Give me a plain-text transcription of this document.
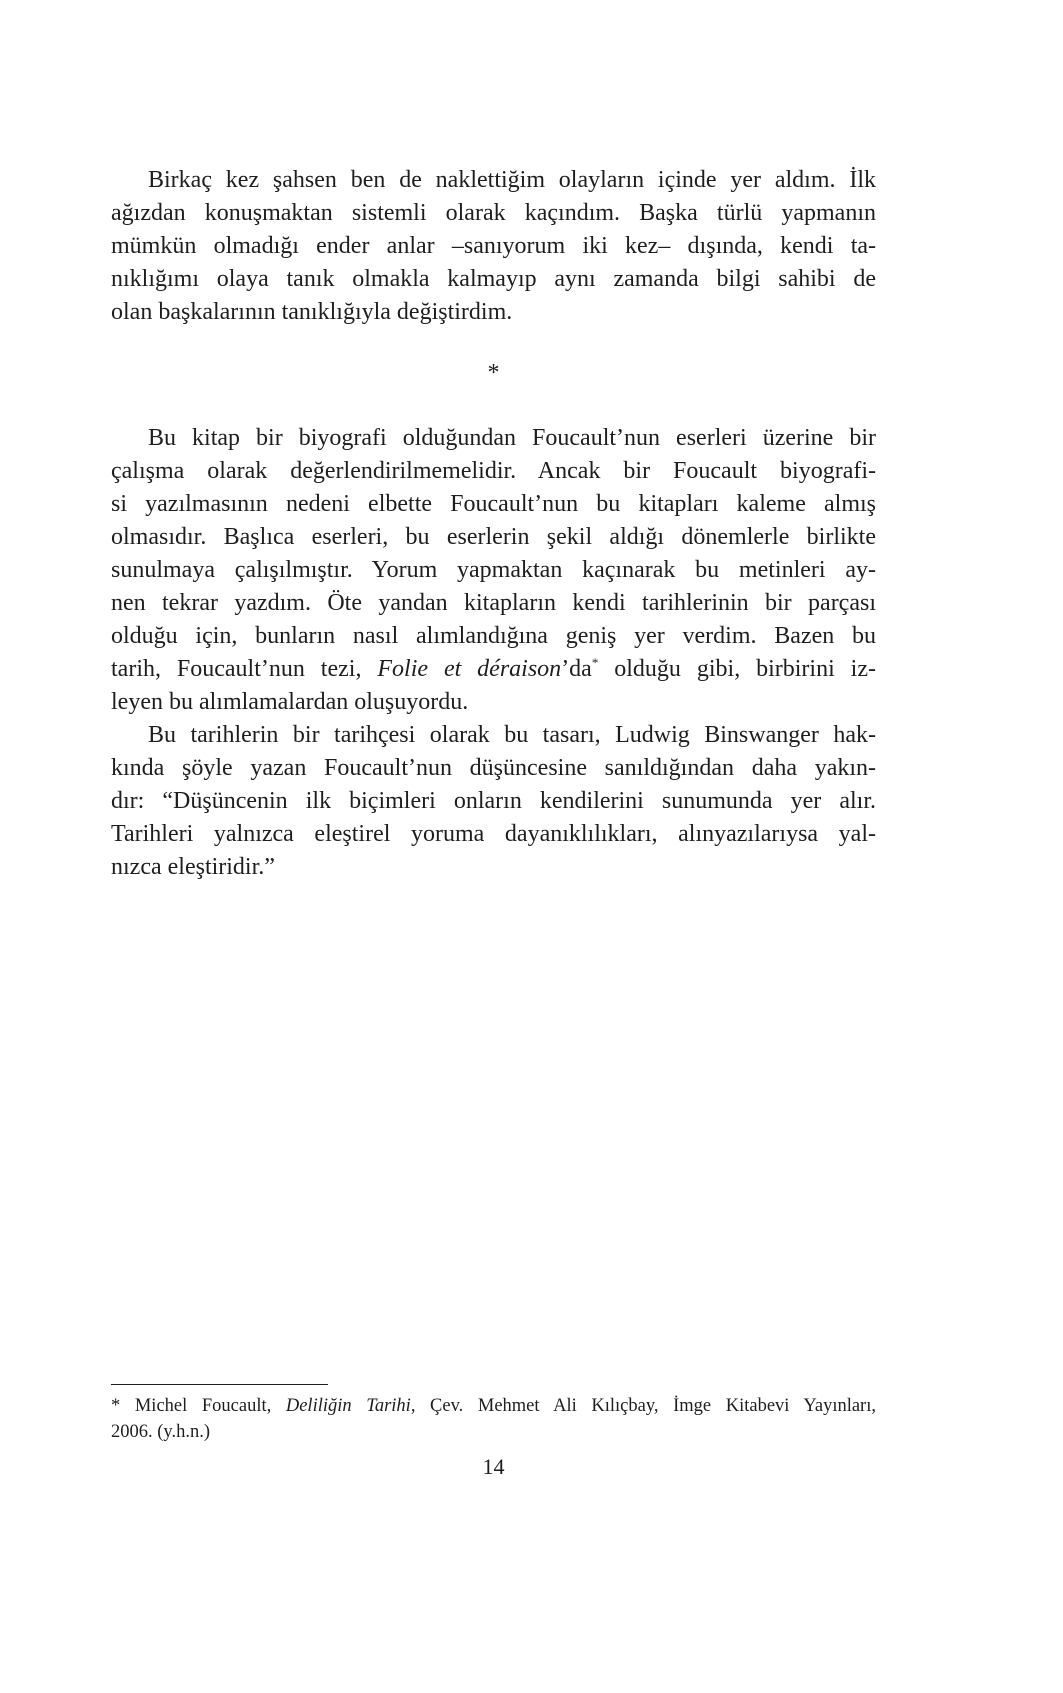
Birkaç kez şahsen ben de naklettiğim olayların içinde yer aldım. İlk
ağızdan konuşmaktan sistemli olarak kaçındım. Başka türlü yapmanın
mümkün olmadığı ender anlar –sanıyorum iki kez– dışında, kendi ta-
nıklığımı olaya tanık olmakla kalmayıp aynı zamanda bilgi sahibi de
olan başkalarının tanıklığıyla değiştirdim.
*
Bu kitap bir biyografi olduğundan Foucault’nun eserleri üzerine bir
çalışma olarak değerlendirilmemelidir. Ancak bir Foucault biyografi-
si yazılmasının nedeni elbette Foucault’nun bu kitapları kaleme almış
olmasıdır. Başlıca eserleri, bu eserlerin şekil aldığı dönemlerle birlikte
sunulmaya çalışılmıştır. Yorum yapmaktan kaçınarak bu metinleri ay-
nen tekrar yazdım. Öte yandan kitapların kendi tarihlerinin bir parçası
olduğu için, bunların nasıl alımlandığına geniş yer verdim. Bazen bu
tarih, Foucault’nun tezi, Folie et déraison’da* olduğu gibi, birbirini iz-
leyen bu alımlamalardan oluşuyordu.
Bu tarihlerin bir tarihçesi olarak bu tasarı, Ludwig Binswanger hak-
kında şöyle yazan Foucault’nun düşüncesine sanıldığından daha yakın-
dır: “Düşüncenin ilk biçimleri onların kendilerini sunumunda yer alır.
Tarihleri yalnızca eleştirel yoruma dayanıklılıkları, alınyazılarıysa yal-
nızca eleştiridir.”
* Michel Foucault, Deliliğin Tarihi, Çev. Mehmet Ali Kılıçbay, İmge Kitabevi Yayınları,
2006. (y.h.n.)
14
